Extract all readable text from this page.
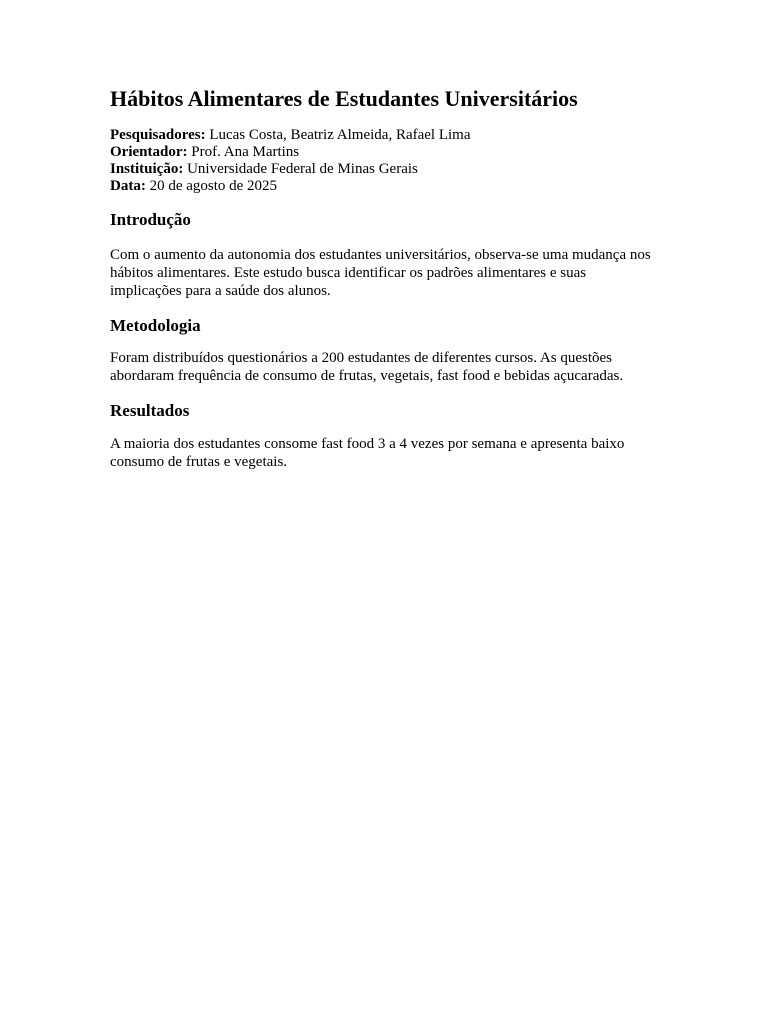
Hábitos Alimentares de Estudantes Universitários
Pesquisadores: Lucas Costa, Beatriz Almeida, Rafael Lima
Orientador: Prof. Ana Martins
Instituição: Universidade Federal de Minas Gerais
Data: 20 de agosto de 2025
Introdução

Com o aumento da autonomia dos estudantes universitários, observa-se uma mudança nos hábitos alimentares. Este estudo busca identificar os padrões alimentares e suas implicações para a saúde dos alunos.

Metodologia

Foram distribuídos questionários a 200 estudantes de diferentes cursos. As questões abordaram frequência de consumo de frutas, vegetais, fast food e bebidas açucaradas.

Resultados

A maioria dos estudantes consome fast food 3 a 4 vezes por semana e apresenta baixo consumo de frutas e vegetais.
